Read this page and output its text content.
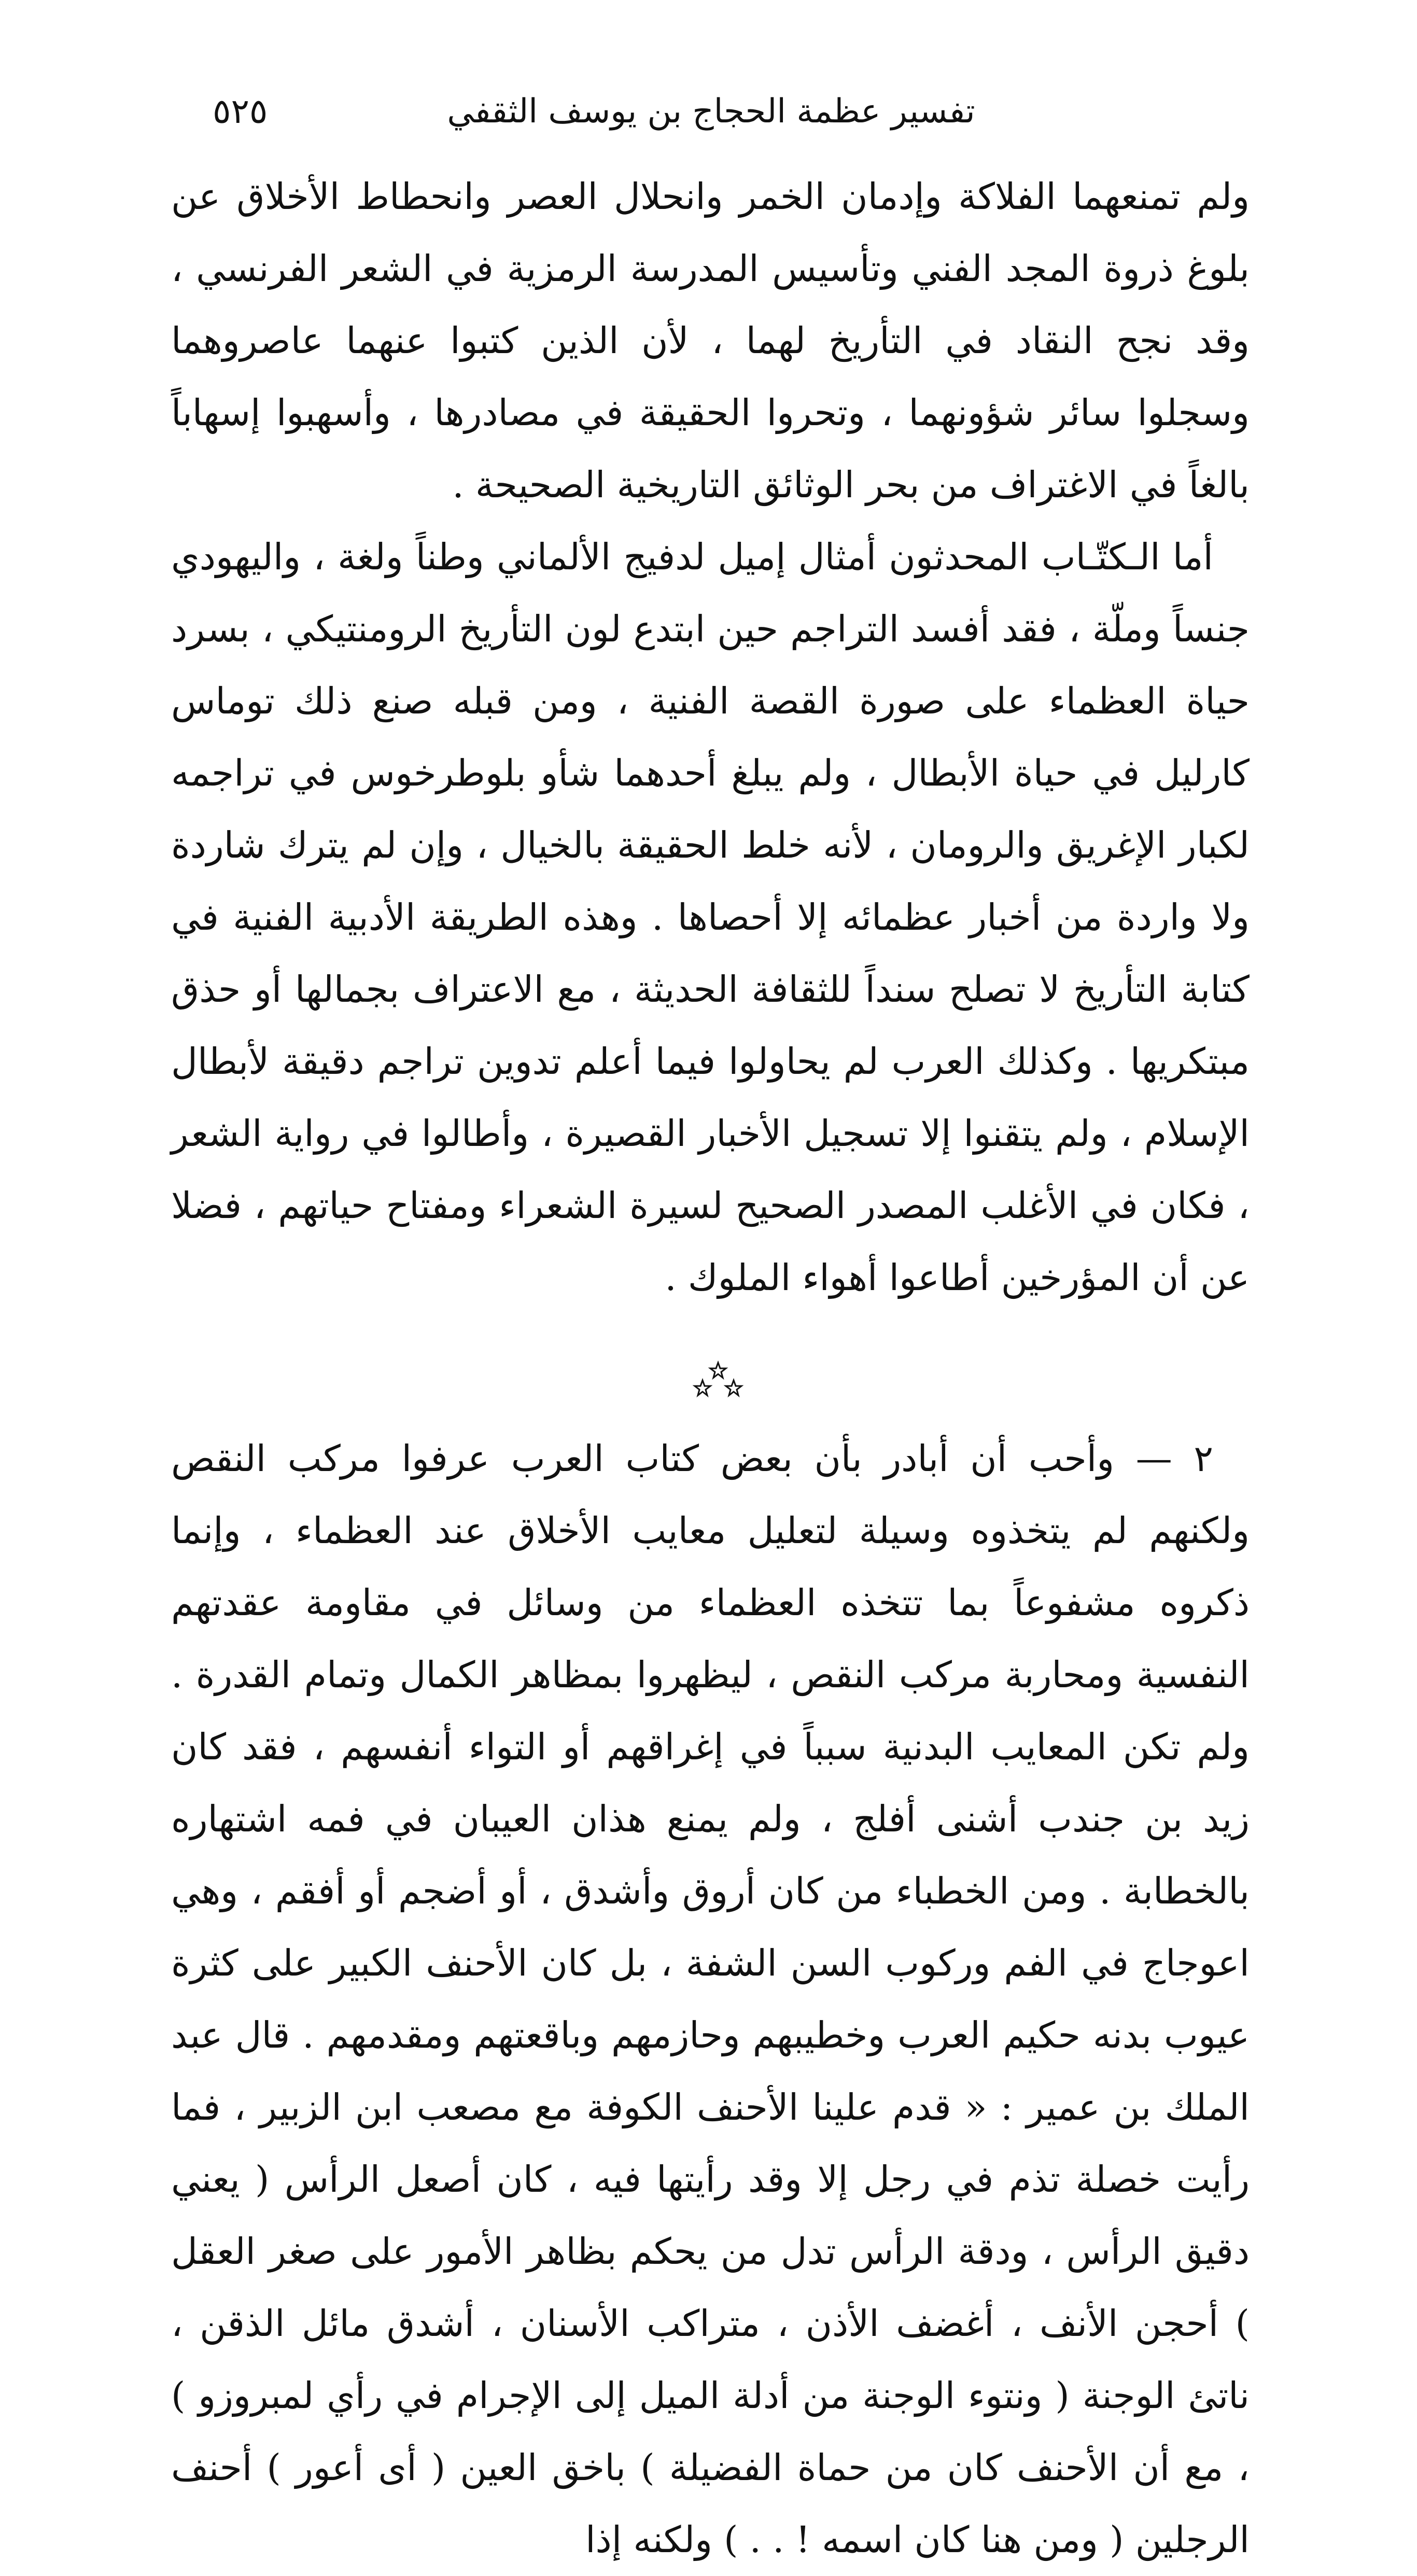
تفسير عظمة الحجاج بن يوسف الثقفي
٥٢٥

ولم تمنعهما الفلاكة وإدمان الخمر وانحلال العصر وانحطاط الأخلاق عن بلوغ ذروة المجد الفني وتأسيس المدرسة الرمزية في الشعر الفرنسي ، وقد نجح النقاد في التأريخ لهما ، لأن الذين كتبوا عنهما عاصروهما وسجلوا سائر شؤونهما ، وتحروا الحقيقة في مصادرها ، وأسهبوا إسهاباً بالغاً في الاغتراف من بحر الوثائق التاريخية الصحيحة .

أما الـكتّـاب المحدثون أمثال إميل لدفيج الألماني وطناً ولغة ، واليهودي جنساً وملّة ، فقد أفسد التراجم حين ابتدع لون التأريخ الرومنتيكي ، بسرد حياة العظماء على صورة القصة الفنية ، ومن قبله صنع ذلك توماس كارليل في حياة الأبطال ، ولم يبلغ أحدهما شأو بلوطرخوس في تراجمه لكبار الإغريق والرومان ، لأنه خلط الحقيقة بالخيال ، وإن لم يترك شاردة ولا واردة من أخبار عظمائه إلا أحصاها . وهذه الطريقة الأدبية الفنية في كتابة التأريخ لا تصلح سنداً للثقافة الحديثة ، مع الاعتراف بجمالها أو حذق مبتكريها . وكذلك العرب لم يحاولوا فيما أعلم تدوين تراجم دقيقة لأبطال الإسلام ، ولم يتقنوا إلا تسجيل الأخبار القصيرة ، وأطالوا في رواية الشعر ، فكان في الأغلب المصدر الصحيح لسيرة الشعراء ومفتاح حياتهم ، فضلا عن أن المؤرخين أطاعوا أهواء الملوك .

٢ — وأحب أن أبادر بأن بعض كتاب العرب عرفوا مركب النقص ولكنهم لم يتخذوه وسيلة لتعليل معايب الأخلاق عند العظماء ، وإنما ذكروه مشفوعاً بما تتخذه العظماء من وسائل في مقاومة عقدتهم النفسية ومحاربة مركب النقص ، ليظهروا بمظاهر الكمال وتمام القدرة . ولم تكن المعايب البدنية سبباً في إغراقهم أو التواء أنفسهم ، فقد كان زيد بن جندب أشنى أفلج ، ولم يمنع هذان العيبان في فمه اشتهاره بالخطابة . ومن الخطباء من كان أروق وأشدق ، أو أضجم أو أفقم ، وهي اعوجاج في الفم وركوب السن الشفة ، بل كان الأحنف الكبير على كثرة عيوب بدنه حكيم العرب وخطيبهم وحازمهم وباقعتهم ومقدمهم . قال عبد الملك بن عمير : « قدم علينا الأحنف الكوفة مع مصعب ابن الزبير ، فما رأيت خصلة تذم في رجل إلا وقد رأيتها فيه ، كان أصعل الرأس ( يعني دقيق الرأس ، ودقة الرأس تدل من يحكم بظاهر الأمور على صغر العقل ) أحجن الأنف ، أغضف الأذن ، متراكب الأسنان ، أشدق مائل الذقن ، ناتئ الوجنة ( ونتوء الوجنة من أدلة الميل إلى الإجرام في رأي لمبروزو ) ، مع أن الأحنف كان من حماة الفضيلة ) باخق العين ( أى أعور ) أحنف الرجلين ( ومن هنا كان اسمه ! . . ) ولكنه إذا
